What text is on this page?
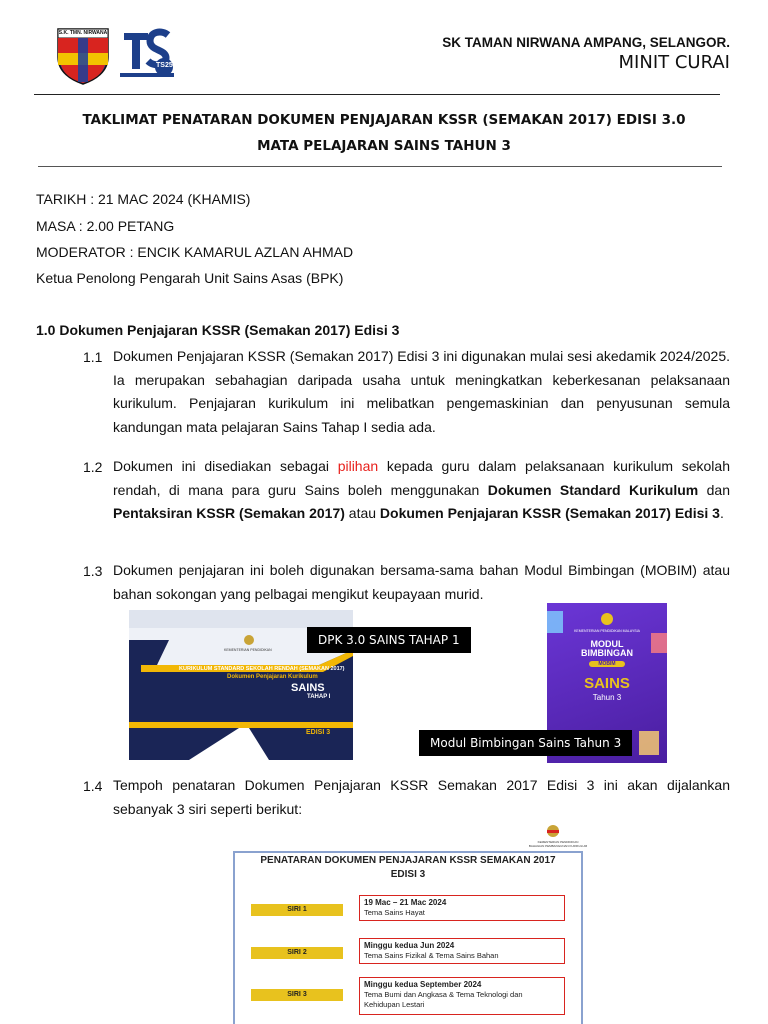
S.K. TMN. NIRWANA
TS25
SK TAMAN NIRWANA AMPANG, SELANGOR.
MINIT CURAI
TAKLIMAT PENATARAN DOKUMEN PENJAJARAN KSSR (SEMAKAN 2017) EDISI 3.0
MATA PELAJARAN SAINS TAHUN 3
TARIKH : 21 MAC 2024 (KHAMIS)
MASA : 2.00 PETANG
MODERATOR : ENCIK KAMARUL AZLAN AHMAD
Ketua Penolong Pengarah Unit Sains Asas (BPK)
1.0 Dokumen Penjajaran KSSR (Semakan 2017) Edisi 3
1.1 Dokumen Penjajaran KSSR (Semakan 2017) Edisi 3 ini digunakan mulai sesi akedamik 2024/2025. Ia merupakan sebahagian daripada usaha untuk meningkatkan keberkesanan pelaksanaan kurikulum. Penjajaran kurikulum ini melibatkan pengemaskinian dan penyusunan semula kandungan mata pelajaran Sains Tahap I sedia ada.
1.2 Dokumen ini disediakan sebagai pilihan kepada guru dalam pelaksanaan kurikulum sekolah rendah, di mana para guru Sains boleh menggunakan Dokumen Standard Kurikulum dan Pentaksiran KSSR (Semakan 2017) atau Dokumen Penjajaran KSSR (Semakan 2017) Edisi 3.
1.3 Dokumen penjajaran ini boleh digunakan bersama-sama bahan Modul Bimbingan (MOBIM) atau bahan sokongan yang pelbagai mengikut keupayaan murid.
KEMENTERIAN PENDIDIKAN
KURIKULUM STANDARD SEKOLAH RENDAH (SEMAKAN 2017)
Dokumen Penjajaran Kurikulum
SAINS
TAHAP I
EDISI 3
DPK 3.0 SAINS TAHAP 1
KEMENTERIAN PENDIDIKAN MALAYSIA
MODUL
BIMBINGAN
MOBIM
SAINS
Tahun 3
Modul Bimbingan Sains Tahun 3
1.4 Tempoh penataran Dokumen Penjajaran KSSR Semakan 2017 Edisi 3 ini akan dijalankan sebanyak 3 siri seperti berikut:
KEMENTERIAN PENDIDIKAN
BAHAGIAN PEMBANGUNAN KURIKULUM
PENATARAN DOKUMEN PENJAJARAN KSSR SEMAKAN 2017
EDISI 3
SIRI 1
19 Mac – 21 Mac 2024
Tema Sains Hayat
SIRI 2
Minggu kedua Jun 2024
Tema Sains Fizikal & Tema Sains Bahan
SIRI 3
Minggu kedua September 2024
Tema Bumi dan Angkasa & Tema Teknologi dan Kehidupan Lestari
